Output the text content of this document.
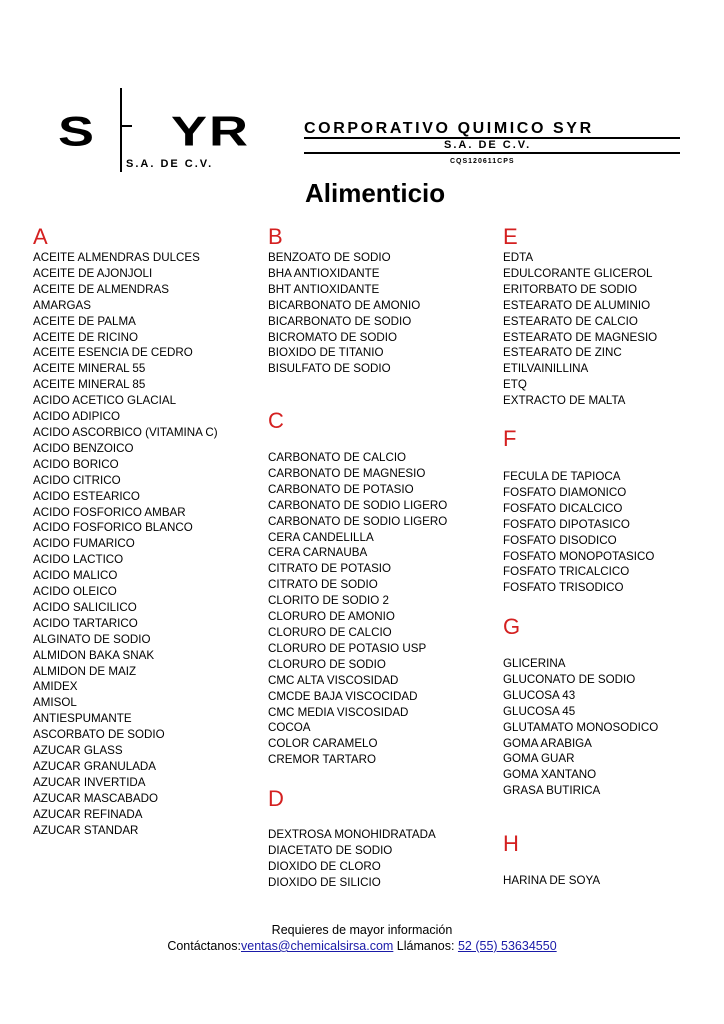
S YR
S.A. DE C.V.
CORPORATIVO QUIMICO SYR
S.A. DE C.V.
CQS120611CPS
Alimenticio
A
ACEITE ALMENDRAS DULCES
ACEITE DE AJONJOLI
ACEITE DE ALMENDRAS
AMARGAS
ACEITE DE PALMA
ACEITE DE RICINO
ACEITE ESENCIA DE CEDRO
ACEITE MINERAL 55
ACEITE MINERAL 85
ACIDO ACETICO GLACIAL
ACIDO ADIPICO
ACIDO ASCORBICO (VITAMINA C)
ACIDO BENZOICO
ACIDO BORICO
ACIDO CITRICO
ACIDO ESTEARICO
ACIDO FOSFORICO AMBAR
ACIDO FOSFORICO BLANCO
ACIDO FUMARICO
ACIDO LACTICO
ACIDO MALICO
ACIDO OLEICO
ACIDO SALICILICO
ACIDO TARTARICO
ALGINATO DE SODIO
ALMIDON BAKA SNAK
ALMIDON DE MAIZ
AMIDEX
AMISOL
ANTIESPUMANTE
ASCORBATO DE SODIO
AZUCAR GLASS
AZUCAR GRANULADA
AZUCAR INVERTIDA
AZUCAR MASCABADO
AZUCAR REFINADA
AZUCAR STANDAR
B
BENZOATO DE SODIO
BHA ANTIOXIDANTE
BHT ANTIOXIDANTE
BICARBONATO DE AMONIO
BICARBONATO DE SODIO
BICROMATO DE SODIO
BIOXIDO DE TITANIO
BISULFATO DE SODIO
C
CARBONATO DE CALCIO
CARBONATO DE MAGNESIO
CARBONATO DE POTASIO
CARBONATO DE SODIO LIGERO
CARBONATO DE SODIO LIGERO
CERA CANDELILLA
CERA CARNAUBA
CITRATO DE POTASIO
CITRATO DE SODIO
CLORITO DE SODIO 2
CLORURO DE AMONIO
CLORURO DE CALCIO
CLORURO DE POTASIO USP
CLORURO DE SODIO
CMC ALTA VISCOSIDAD
CMCDE BAJA VISCOCIDAD
CMC MEDIA VISCOSIDAD
COCOA
COLOR CARAMELO
CREMOR TARTARO
D
DEXTROSA MONOHIDRATADA
DIACETATO DE SODIO
DIOXIDO DE CLORO
DIOXIDO DE SILICIO
E
EDTA
EDULCORANTE GLICEROL
ERITORBATO DE SODIO
ESTEARATO DE ALUMINIO
ESTEARATO DE CALCIO
ESTEARATO DE MAGNESIO
ESTEARATO DE ZINC
ETILVAINILLINA
ETQ
EXTRACTO DE MALTA
F
FECULA DE TAPIOCA
FOSFATO DIAMONICO
FOSFATO DICALCICO
FOSFATO DIPOTASICO
FOSFATO DISODICO
FOSFATO MONOPOTASICO
FOSFATO TRICALCICO
FOSFATO TRISODICO
G
GLICERINA
GLUCONATO DE SODIO
GLUCOSA 43
GLUCOSA 45
GLUTAMATO MONOSODICO
GOMA ARABIGA
GOMA GUAR
GOMA XANTANO
GRASA BUTIRICA
H
HARINA DE SOYA
Requieres de mayor información
Contáctanos:ventas@chemicalsirsa.com Llámanos: 52 (55) 53634550
